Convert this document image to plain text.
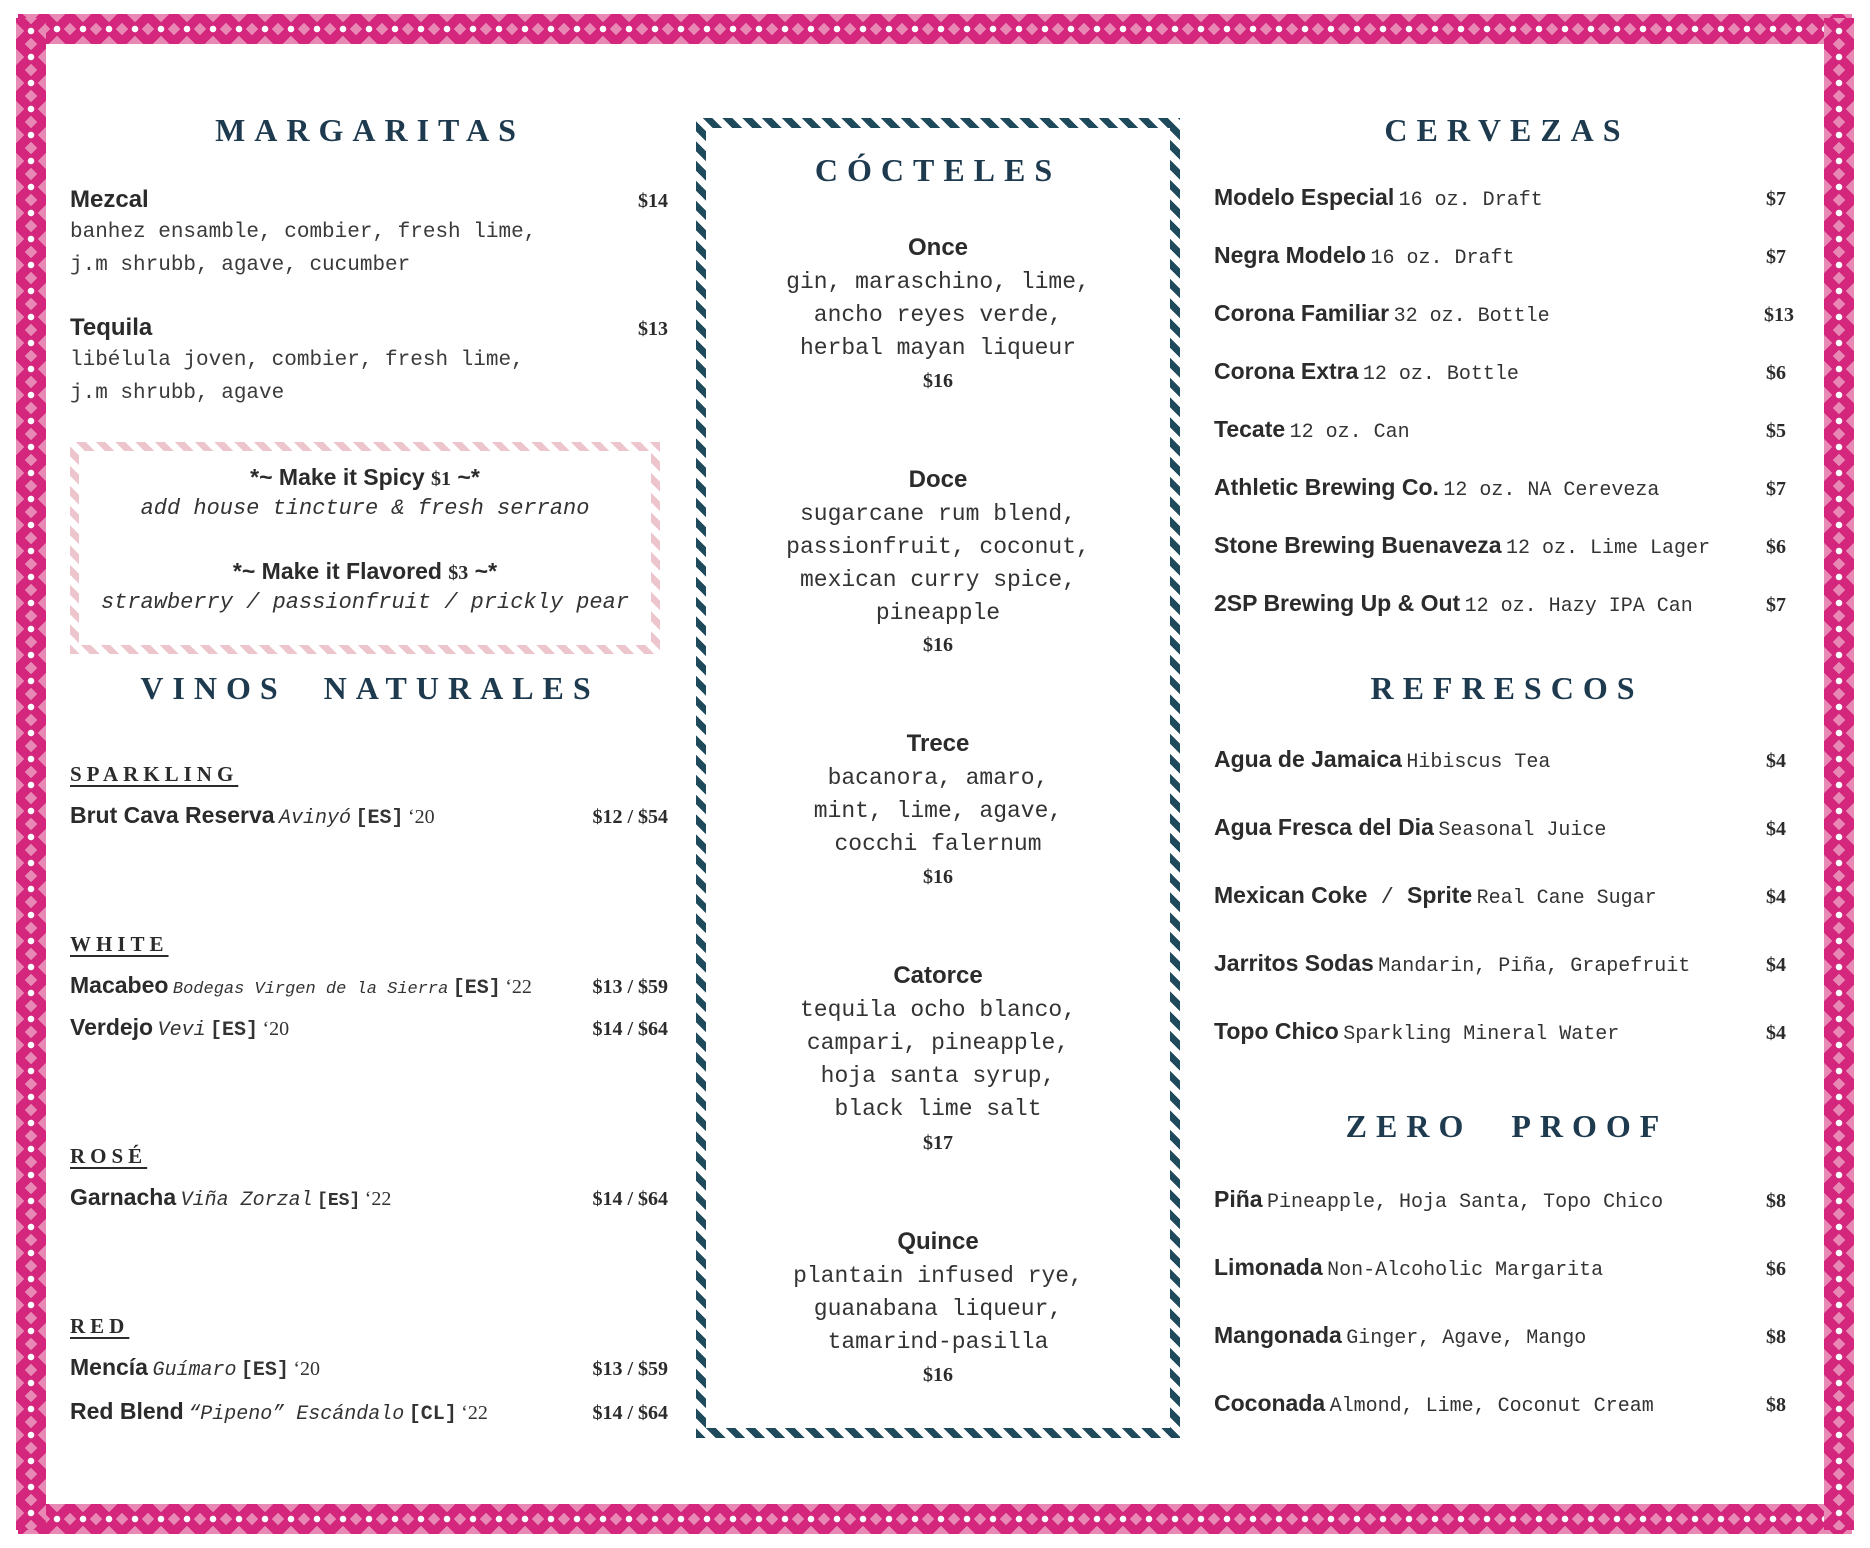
MARGARITAS
Mezcal	$14
banhez ensamble, combier, fresh lime,
j.m shrubb, agave, cucumber
Tequila	$13
libélula joven, combier, fresh lime,
j.m shrubb, agave
*~ Make it Spicy $1 ~*
add house tincture & fresh serrano
*~ Make it Flavored $3 ~*
strawberry / passionfruit / prickly pear
VINOS NATURALES
SPARKLING
Brut Cava Reserva Avinyó [ES] ‘20	$12 / $54
WHITE
Macabeo Bodegas Virgen de la Sierra [ES] ‘22	$13 / $59
Verdejo Vevi [ES] ‘20	$14 / $64
ROSÉ
Garnacha Viña Zorzal [ES] ‘22	$14 / $64
RED
Mencía Guímaro [ES] ‘20	$13 / $59
Red Blend “Pipeno” Escándalo [CL] ‘22	$14 / $64
CÓCTELES
Once
gin, maraschino, lime,
ancho reyes verde,
herbal mayan liqueur
$16
Doce
sugarcane rum blend,
passionfruit, coconut,
mexican curry spice,
pineapple
$16
Trece
bacanora, amaro,
mint, lime, agave,
cocchi falernum
$16
Catorce
tequila ocho blanco,
campari, pineapple,
hoja santa syrup,
black lime salt
$17
Quince
plantain infused rye,
guanabana liqueur,
tamarind-pasilla
$16
CERVEZAS
Modelo Especial 16 oz. Draft	$7
Negra Modelo 16 oz. Draft	$7
Corona Familiar 32 oz. Bottle	$13
Corona Extra 12 oz. Bottle	$6
Tecate 12 oz. Can	$5
Athletic Brewing Co. 12 oz. NA Cereveza	$7
Stone Brewing Buenaveza 12 oz. Lime Lager	$6
2SP Brewing Up & Out 12 oz. Hazy IPA Can	$7
REFRESCOS
Agua de Jamaica Hibiscus Tea	$4
Agua Fresca del Dia Seasonal Juice	$4
Mexican Coke / Sprite Real Cane Sugar	$4
Jarritos Sodas Mandarin, Piña, Grapefruit	$4
Topo Chico Sparkling Mineral Water	$4
ZERO PROOF
Piña Pineapple, Hoja Santa, Topo Chico	$8
Limonada Non-Alcoholic Margarita	$6
Mangonada Ginger, Agave, Mango	$8
Coconada Almond, Lime, Coconut Cream	$8
